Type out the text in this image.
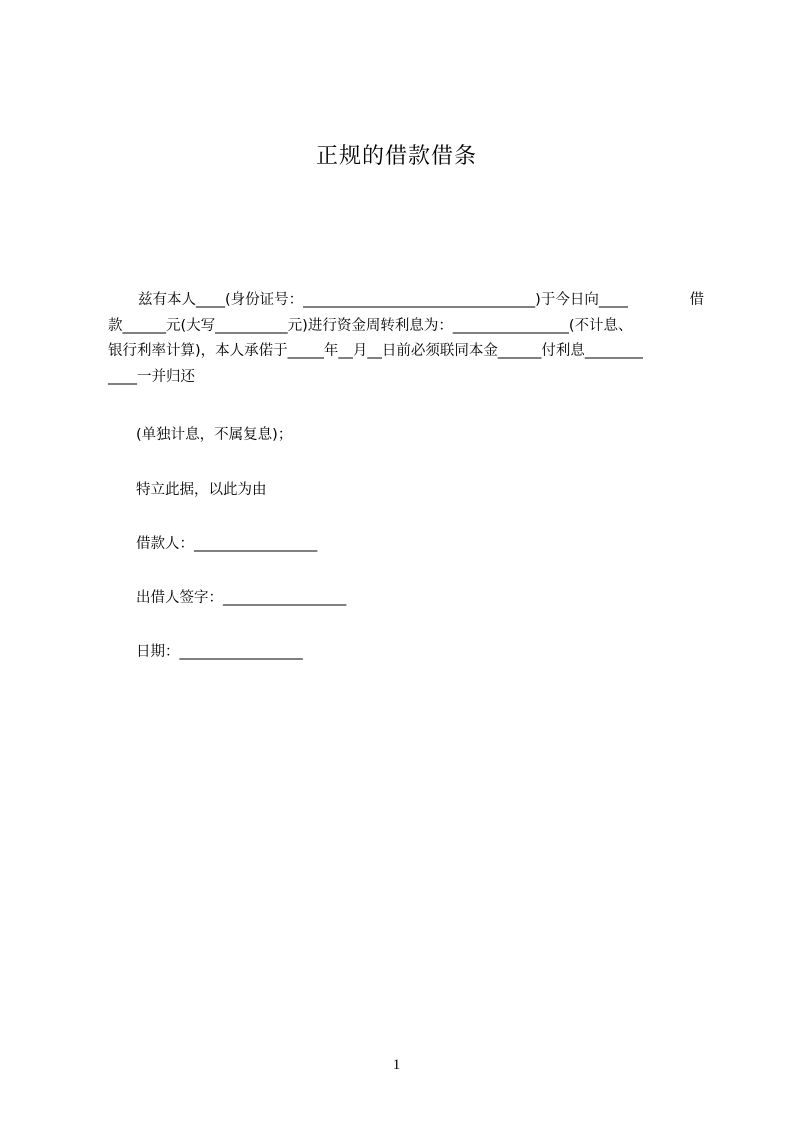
正规的借款借条
兹有本人____(身份证号：________________________________)于今日向____	借
款______元(大写__________元)进行资金周转利息为：________________(不计息、
银行利率计算)，本人承偌于_____年__月__日前必须联同本金______付利息________
____一并归还
(单独计息，不属复息)；
特立此据，以此为由
借款人：_________________
出借人签字：_________________
日期：_________________
1
